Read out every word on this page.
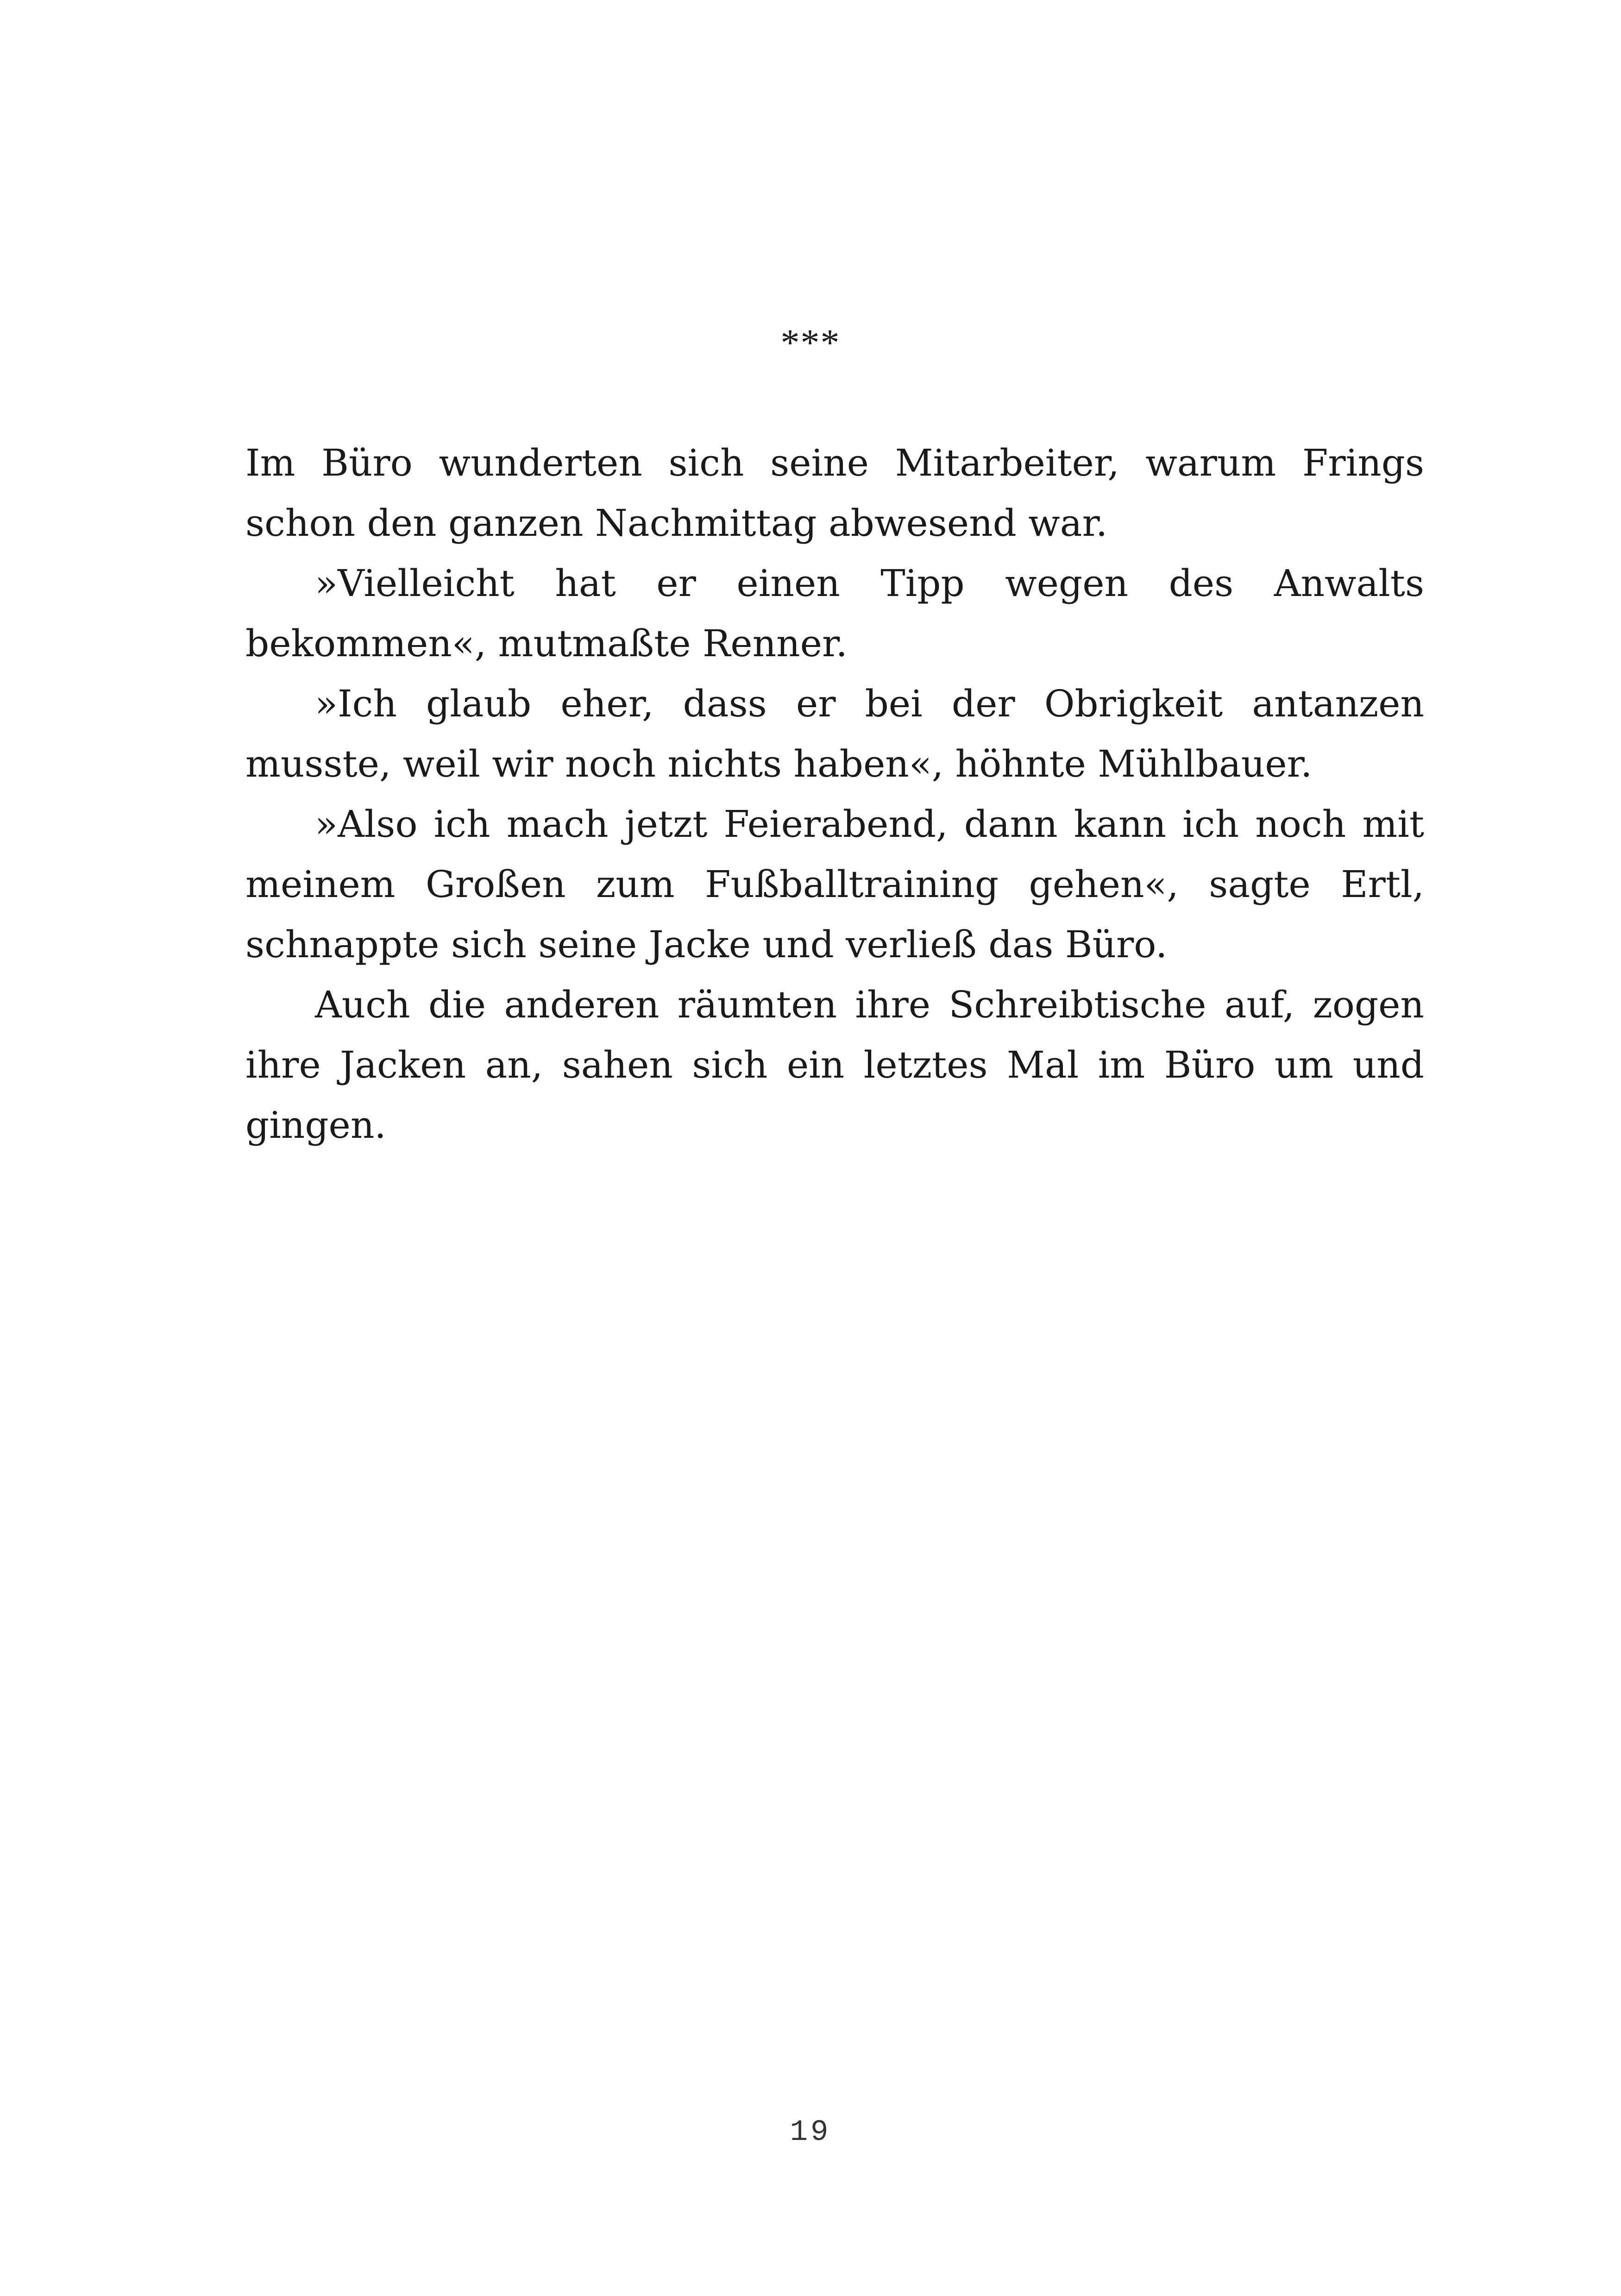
***

Im Büro wunderten sich seine Mitarbeiter, warum Frings schon den ganzen Nachmittag abwesend war.

»Vielleicht hat er einen Tipp wegen des Anwalts bekommen«, mutmaßte Renner.

»Ich glaub eher, dass er bei der Obrigkeit antanzen musste, weil wir noch nichts haben«, höhnte Mühlbauer.

»Also ich mach jetzt Feierabend, dann kann ich noch mit meinem Großen zum Fußballtraining gehen«, sagte Ertl, schnappte sich seine Jacke und verließ das Büro.

Auch die anderen räumten ihre Schreibtische auf, zogen ihre Jacken an, sahen sich ein letztes Mal im Büro um und gingen.

19
